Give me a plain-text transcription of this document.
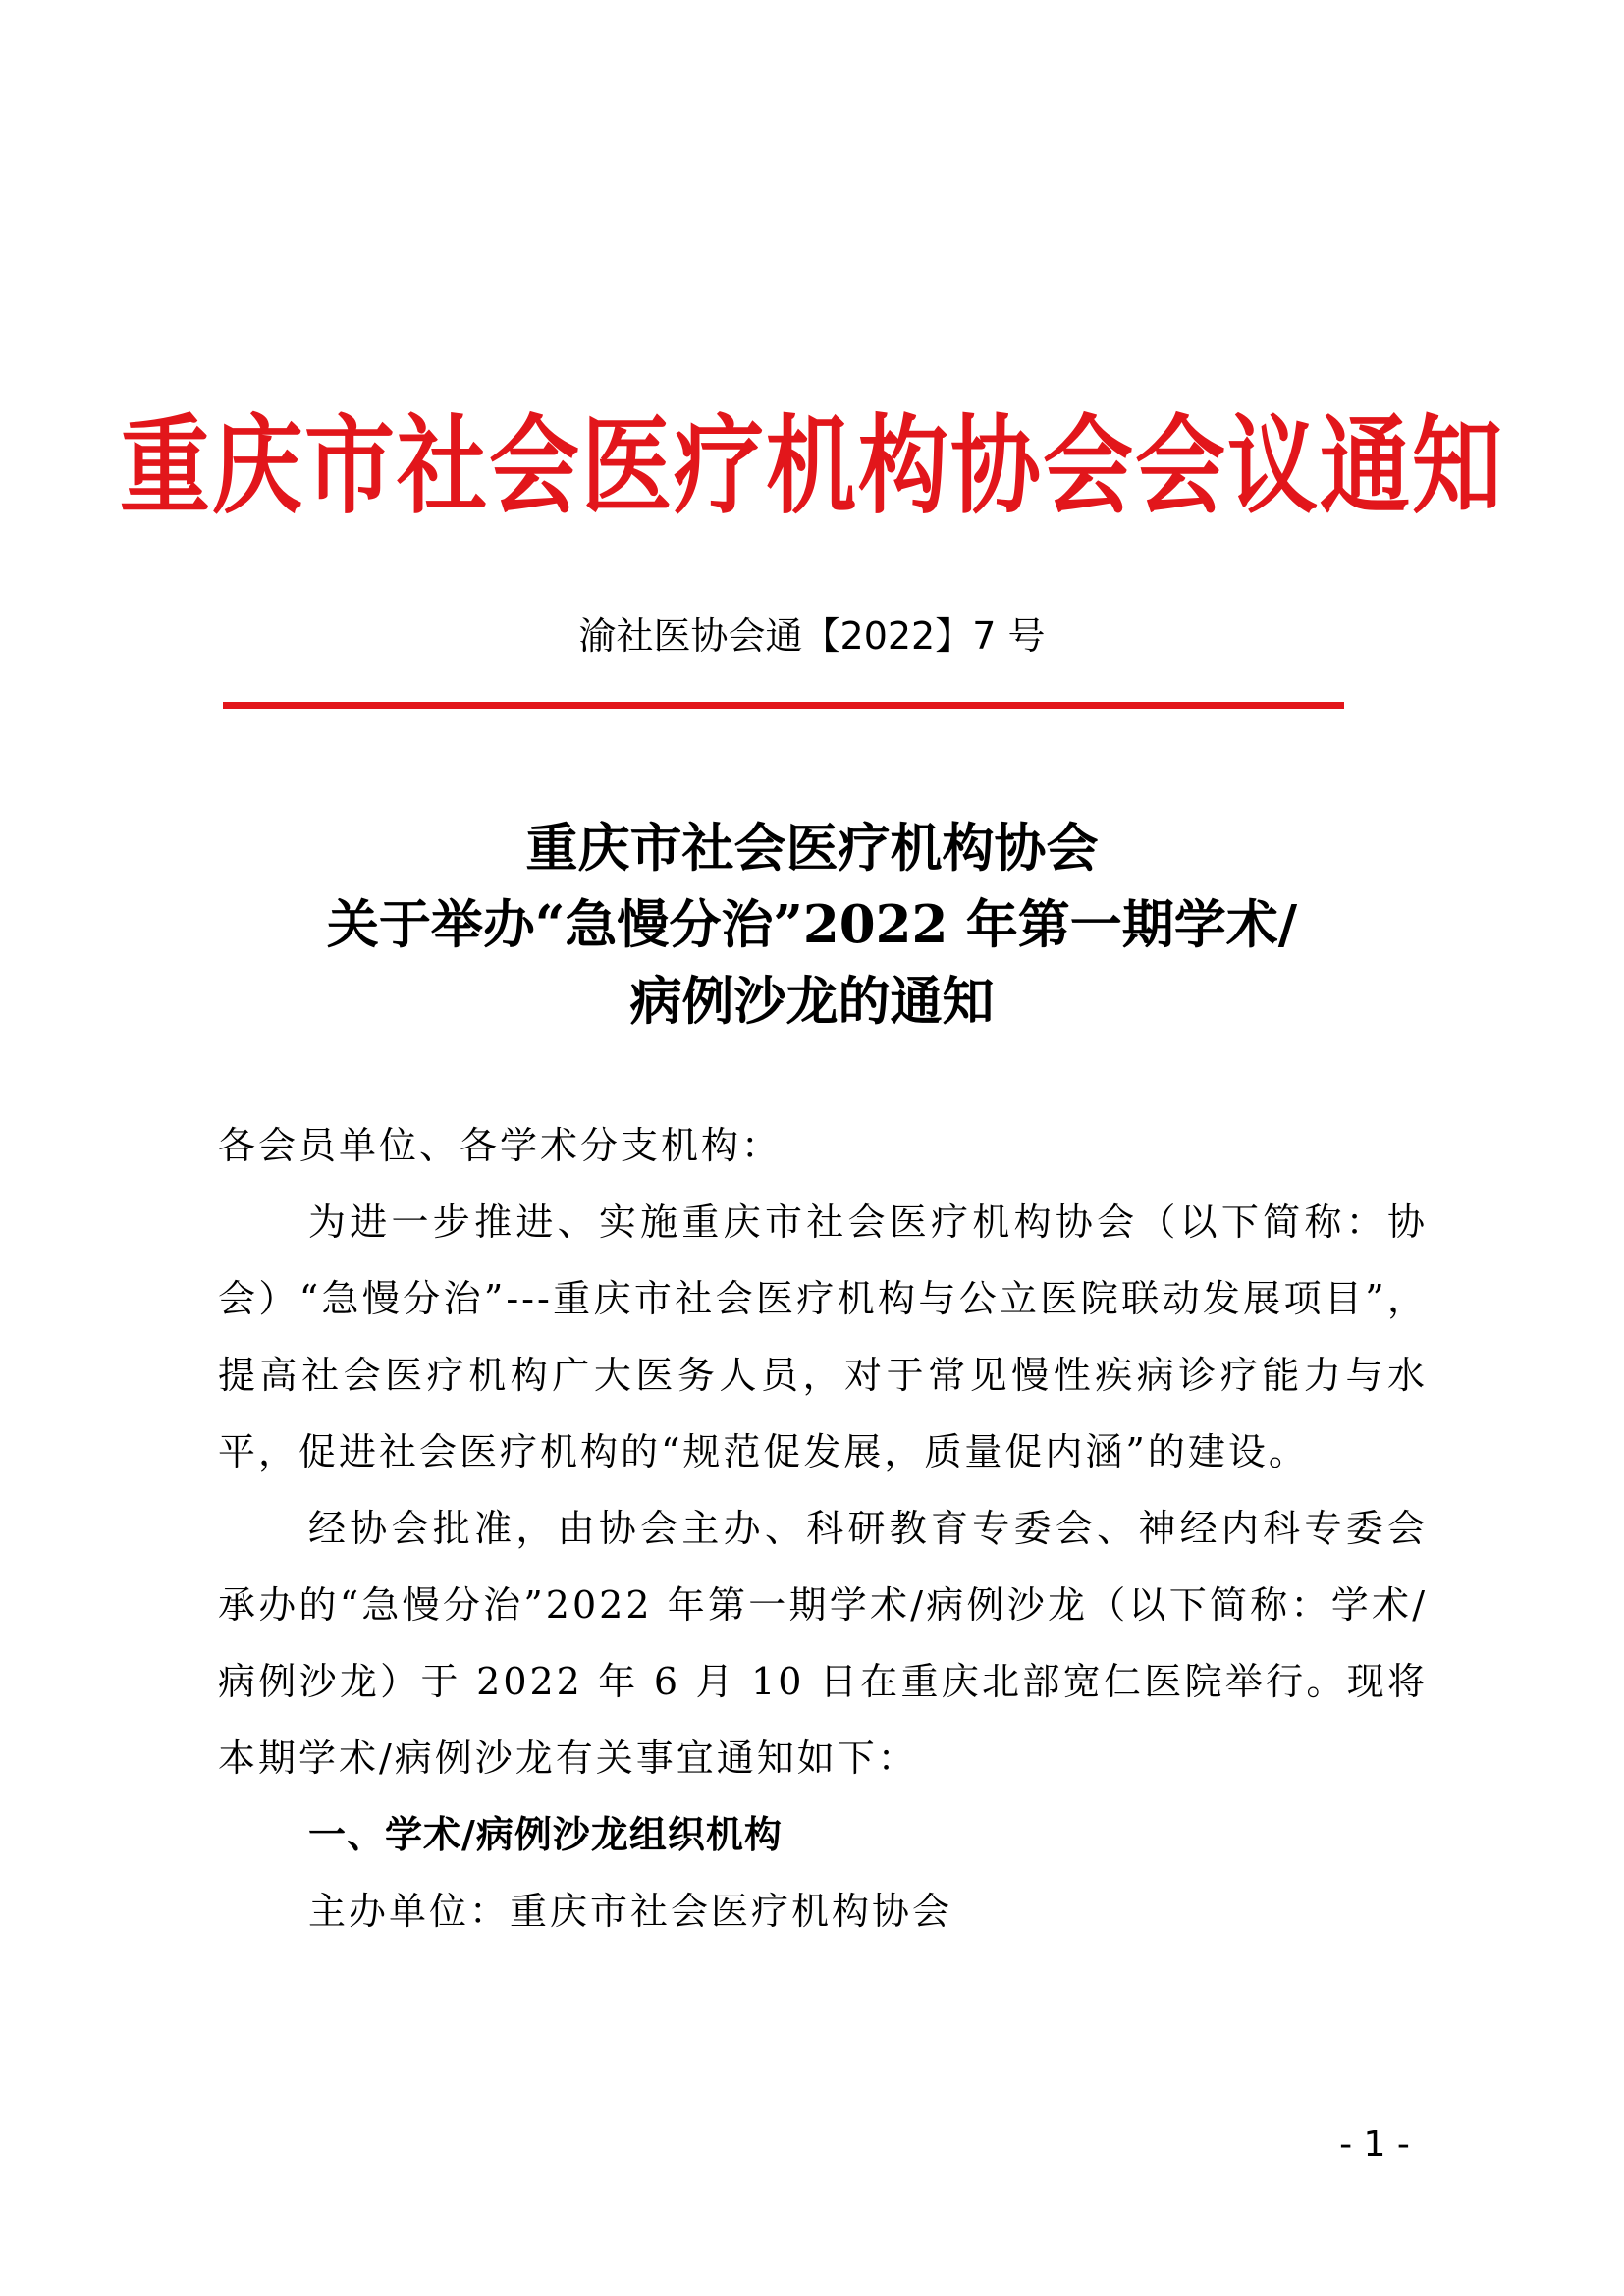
重庆市社会医疗机构协会会议通知
渝社医协会通【2022】7 号
重庆市社会医疗机构协会
关于举办“急慢分治”2022 年第一期学术/
病例沙龙的通知

各会员单位、各学术分支机构：

为进一步推进、实施重庆市社会医疗机构协会（以下简称：协会）“急慢分治”---重庆市社会医疗机构与公立医院联动发展项目”，提高社会医疗机构广大医务人员，对于常见慢性疾病诊疗能力与水平，促进社会医疗机构的“规范促发展，质量促内涵”的建设。

经协会批准，由协会主办、科研教育专委会、神经内科专委会承办的“急慢分治”2022 年第一期学术/病例沙龙（以下简称：学术/病例沙龙）于 2022 年 6 月 10 日在重庆北部宽仁医院举行。现将本期学术/病例沙龙有关事宜通知如下：

一、学术/病例沙龙组织机构

主办单位：重庆市社会医疗机构协会

- 1 -
